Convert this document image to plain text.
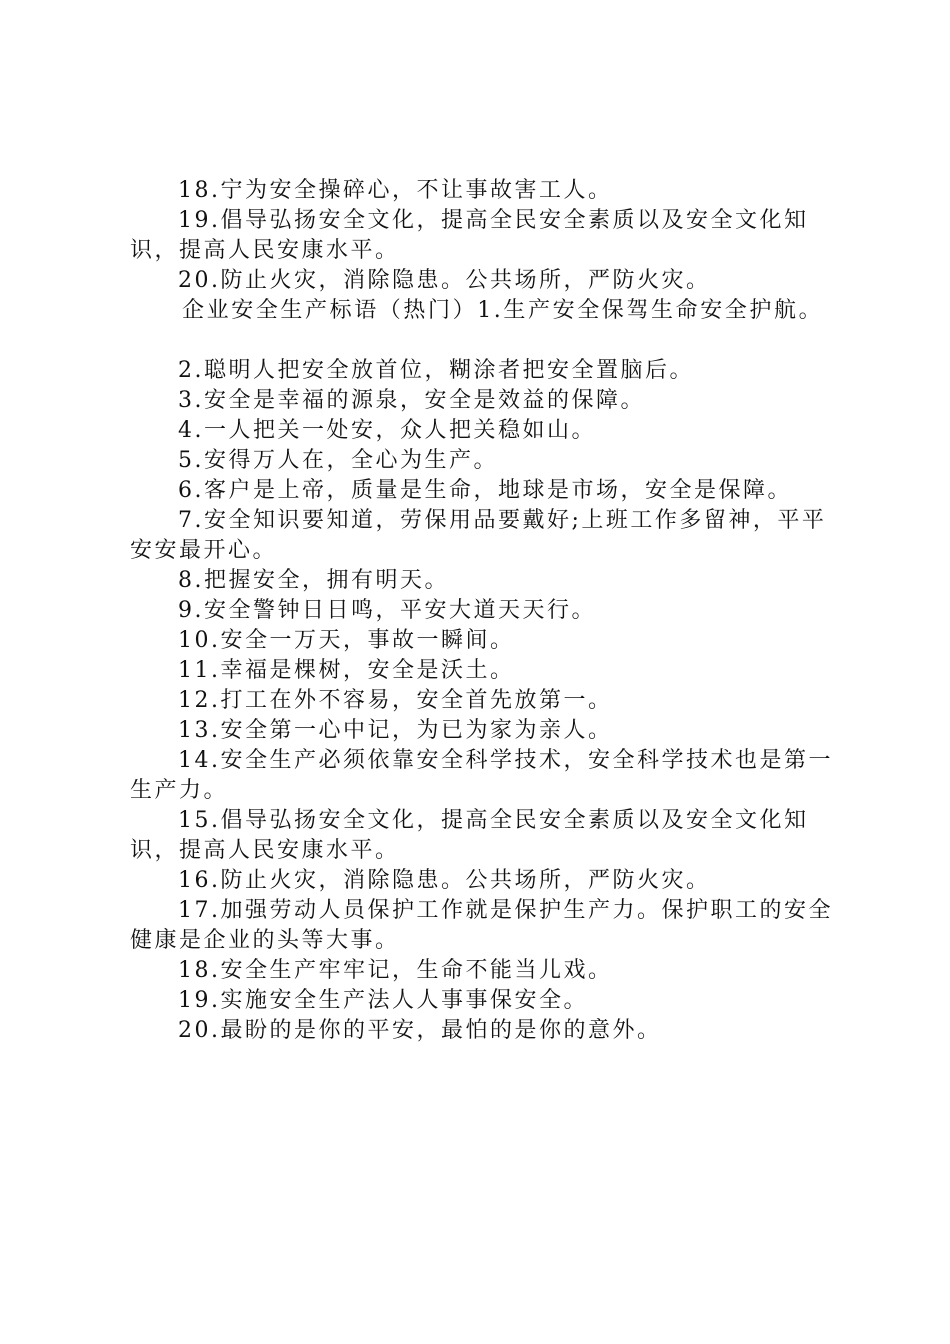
18.宁为安全操碎心，不让事故害工人。

19.倡导弘扬安全文化，提高全民安全素质以及安全文化知识，提高人民安康水平。

20.防止火灾，消除隐患。公共场所，严防火灾。

企业安全生产标语（热门）1.生产安全保驾生命安全护航。

2.聪明人把安全放首位，糊涂者把安全置脑后。

3.安全是幸福的源泉，安全是效益的保障。

4.一人把关一处安，众人把关稳如山。

5.安得万人在，全心为生产。

6.客户是上帝，质量是生命，地球是市场，安全是保障。

7.安全知识要知道，劳保用品要戴好;上班工作多留神，平平安安最开心。

8.把握安全，拥有明天。

9.安全警钟日日鸣，平安大道天天行。

10.安全一万天，事故一瞬间。

11.幸福是棵树，安全是沃土。

12.打工在外不容易，安全首先放第一。

13.安全第一心中记，为已为家为亲人。

14.安全生产必须依靠安全科学技术，安全科学技术也是第一生产力。

15.倡导弘扬安全文化，提高全民安全素质以及安全文化知识，提高人民安康水平。

16.防止火灾，消除隐患。公共场所，严防火灾。

17.加强劳动人员保护工作就是保护生产力。保护职工的安全健康是企业的头等大事。

18.安全生产牢牢记，生命不能当儿戏。

19.实施安全生产法人人事事保安全。

20.最盼的是你的平安，最怕的是你的意外。
